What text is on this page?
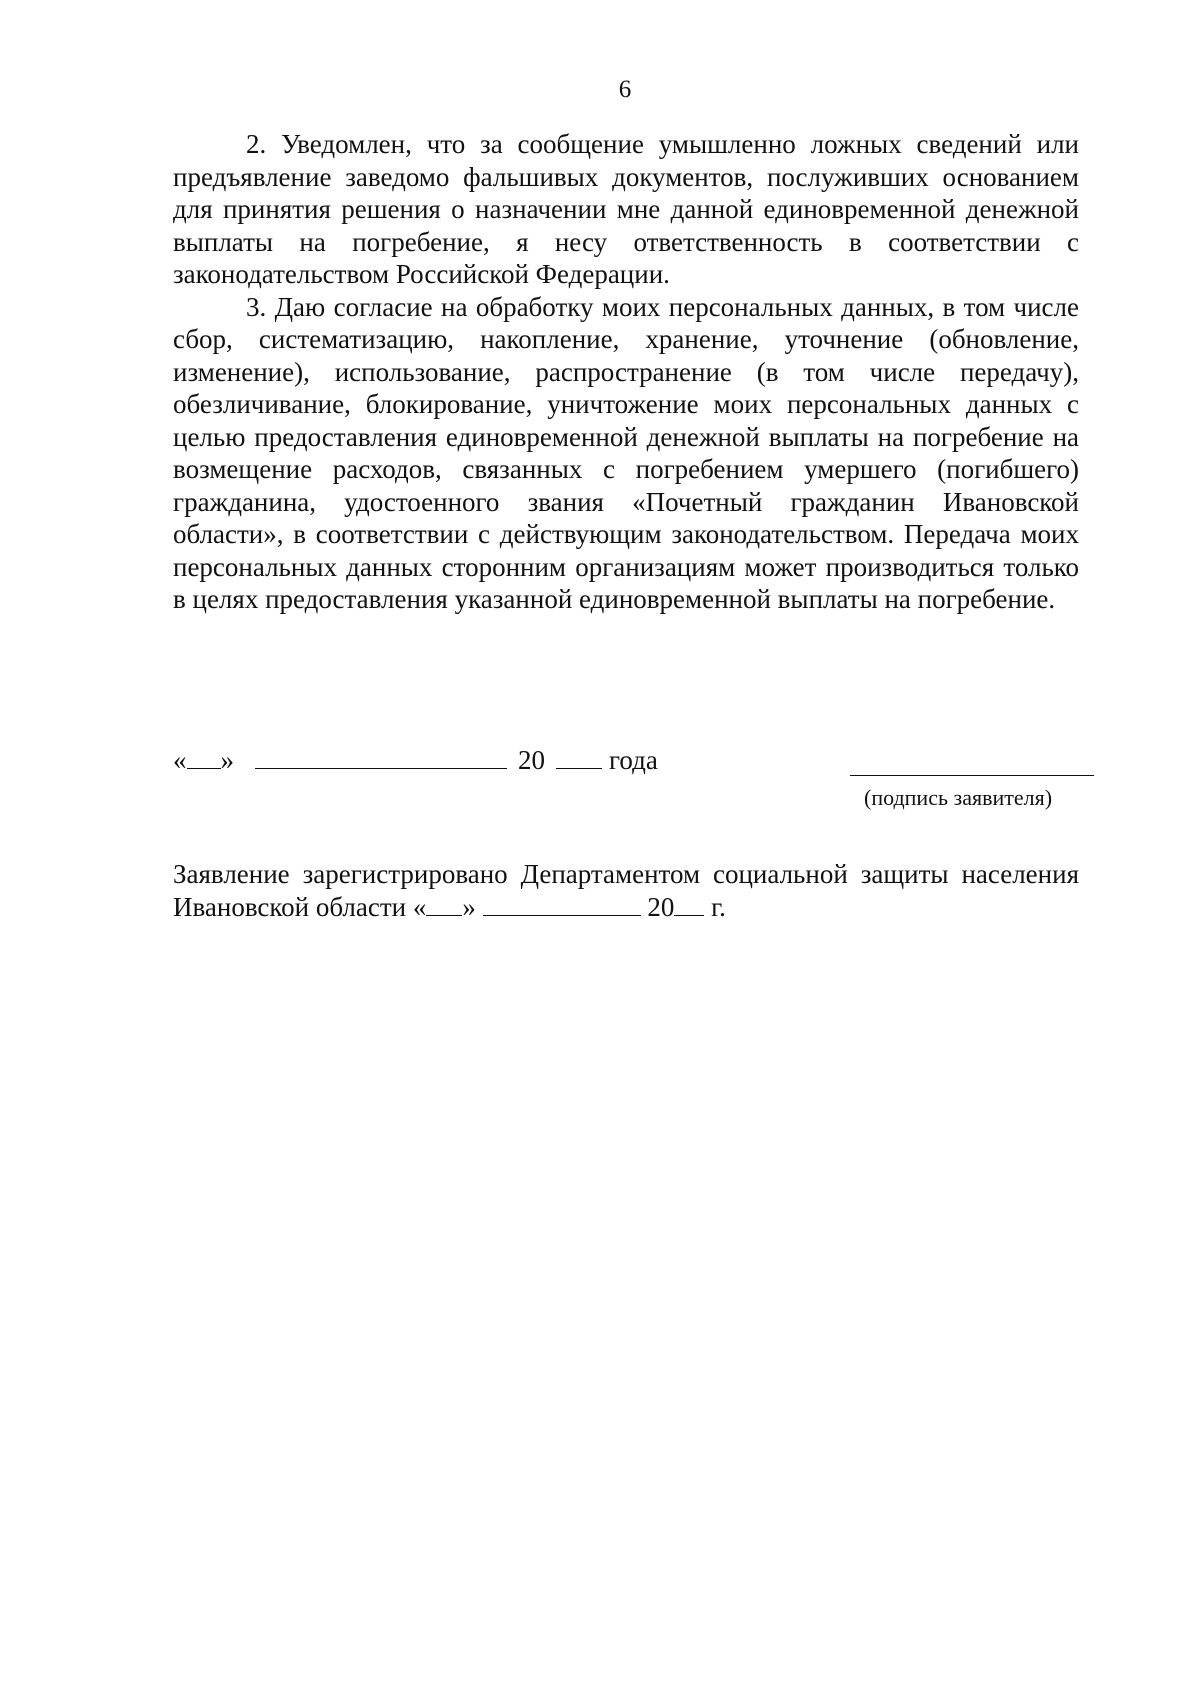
6

2. Уведомлен, что за сообщение умышленно ложных сведений или предъявление заведомо фальшивых документов, послуживших основанием для принятия решения о назначении мне данной единовременной денежной выплаты на погребение, я несу ответственность в соответствии с законодательством Российской Федерации.

3. Даю согласие на обработку моих персональных данных, в том числе сбор, систематизацию, накопление, хранение, уточнение (обновление, изменение), использование, распространение (в том числе передачу), обезличивание, блокирование, уничтожение моих персональных данных с целью предоставления единовременной денежной выплаты на погребение на возмещение расходов, связанных с погребением умершего (погибшего) гражданина, удостоенного звания «Почетный гражданин Ивановской области», в соответствии с действующим законодательством. Передача моих персональных данных сторонним организациям может производиться только в целях предоставления указанной единовременной выплаты на погребение.

« »	20 года
(подпись заявителя)

Заявление зарегистрировано Департаментом социальной защиты населения Ивановской области « »	20 г.
